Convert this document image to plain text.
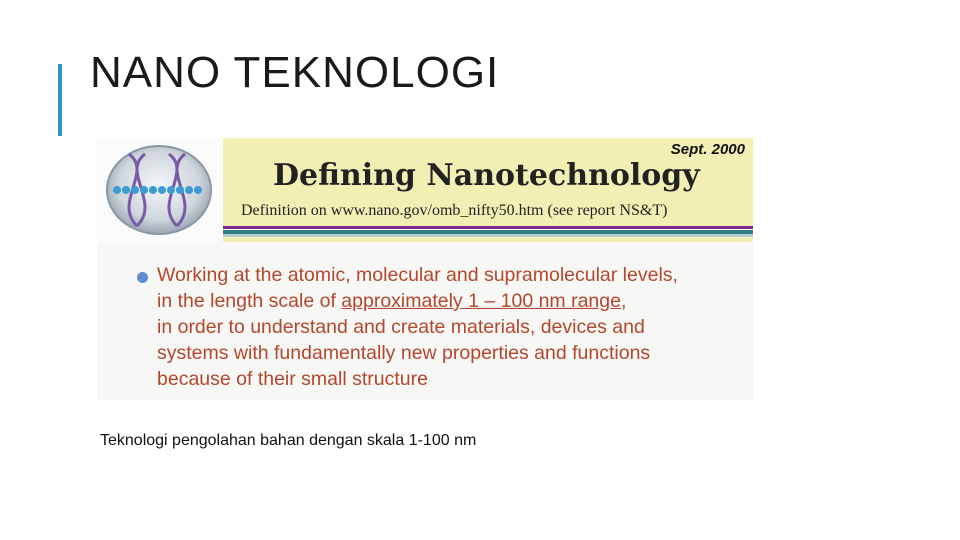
NANO TEKNOLOGI
Sept. 2000
Defining Nanotechnology
Definition on www.nano.gov/omb_nifty50.htm (see report NS&T)
Working at the atomic, molecular and supramolecular levels,
in the length scale of approximately 1 – 100 nm range,
in order to understand and create materials, devices and
systems with fundamentally new properties and functions
because of their small structure
Teknologi pengolahan bahan dengan skala 1-100 nm
